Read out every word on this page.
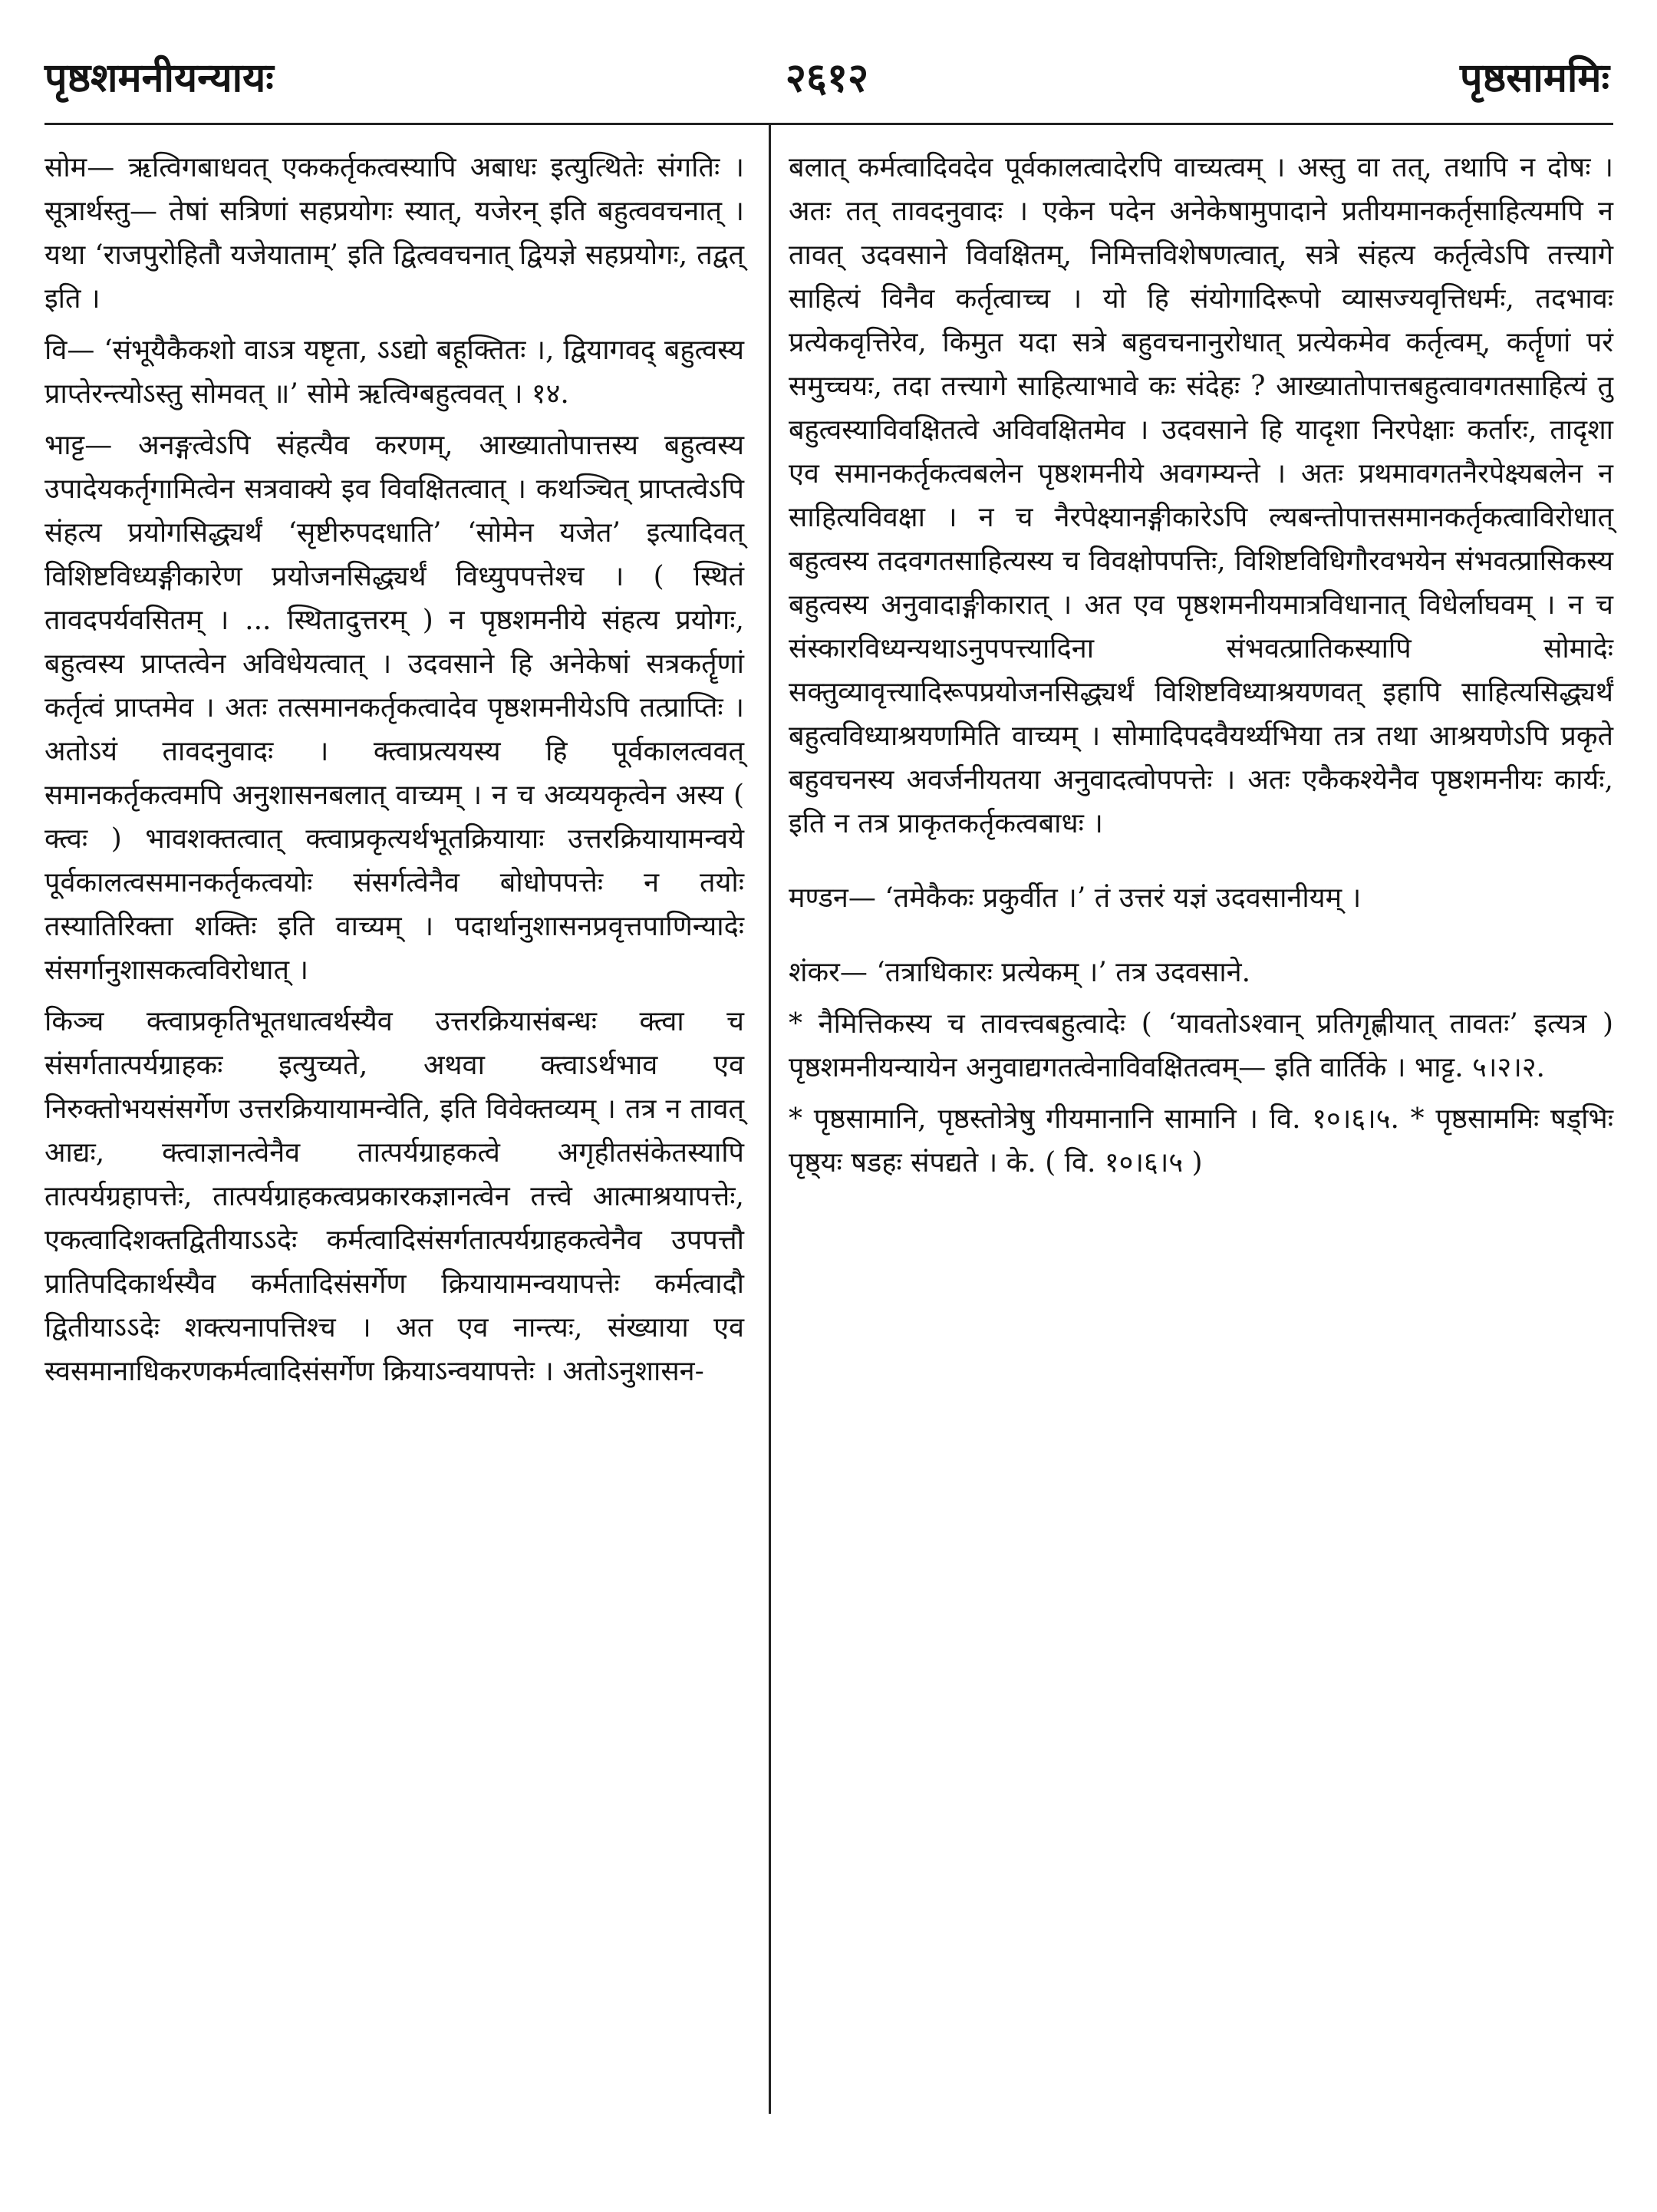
पृष्ठशमनीयन्यायः	२६१२	पृष्ठसाममिः

सोम— ऋत्विगबाधवत् एककर्तृकत्वस्यापि अबाधः इत्युत्थितेः संगतिः । सूत्रार्थस्तु— तेषां सत्रिणां सहप्रयोगः स्यात्, यजेरन् इति बहुत्ववचनात् । यथा ‘राजपुरोहितौ यजेयाताम्’ इति द्वित्ववचनात् द्वियज्ञे सहप्रयोगः, तद्वत् इति ।

वि— ‘संभूयैकैकशो वाऽत्र यष्टृता, ऽऽद्यो बहूक्तितः ।, द्वियागवद् बहुत्वस्य प्राप्तेरन्त्योऽस्तु सोमवत् ॥’ सोमे ऋत्विग्बहुत्ववत् । १४.

भाट्ट— अनङ्गत्वेऽपि संहत्यैव करणम्, आख्यातोपात्तस्य बहुत्वस्य उपादेयकर्तृगामित्वेन सत्रवाक्ये इव विवक्षितत्वात् । कथञ्चित् प्राप्तत्वेऽपि संहत्य प्रयोगसिद्ध्यर्थं ‘सृष्टीरुपदधाति’ ‘सोमेन यजेत’ इत्यादिवत् विशिष्टविध्यङ्गीकारेण प्रयोजनसिद्ध्यर्थं विध्युपपत्तेश्च । ( स्थितं तावदपर्यवसितम् । ... स्थितादुत्तरम् ) न पृष्ठशमनीये संहत्य प्रयोगः, बहुत्वस्य प्राप्तत्वेन अविधेयत्वात् । उदवसाने हि अनेकेषां सत्रकर्तॄणां कर्तृत्वं प्राप्तमेव । अतः तत्समानकर्तृकत्वादेव पृष्ठशमनीयेऽपि तत्प्राप्तिः । अतोऽयं तावदनुवादः । क्त्वाप्रत्ययस्य हि पूर्वकालत्ववत् समानकर्तृकत्वमपि अनुशासनबलात् वाच्यम् । न च अव्ययकृत्वेन अस्य ( क्त्वः ) भावशक्तत्वात् क्त्वाप्रकृत्यर्थभूतक्रियायाः उत्तरक्रियायामन्वये पूर्वकालत्वसमानकर्तृकत्वयोः संसर्गत्वेनैव बोधोपपत्तेः न तयोः तस्यातिरिक्ता शक्तिः इति वाच्यम् । पदार्थानुशासनप्रवृत्तपाणिन्यादेः संसर्गानुशासकत्वविरोधात् ।

किञ्च क्त्वाप्रकृतिभूतधात्वर्थस्यैव उत्तरक्रियासंबन्धः क्त्वा च संसर्गतात्पर्यग्राहकः इत्युच्यते, अथवा क्त्वाऽर्थभाव एव निरुक्तोभयसंसर्गेण उत्तरक्रियायामन्वेति, इति विवेक्तव्यम् । तत्र न तावत् आद्यः, क्त्वाज्ञानत्वेनैव तात्पर्यग्राहकत्वे अगृहीतसंकेतस्यापि तात्पर्यग्रहापत्तेः, तात्पर्यग्राहकत्वप्रकारकज्ञानत्वेन तत्त्वे आत्माश्रयापत्तेः, एकत्वादिशक्तद्वितीयाऽऽदेः कर्मत्वादिसंसर्गतात्पर्यग्राहकत्वेनैव उपपत्तौ प्रातिपदिकार्थस्यैव कर्मतादिसंसर्गेण क्रियायामन्वयापत्तेः कर्मत्वादौ द्वितीयाऽऽदेः शक्त्यनापत्तिश्च । अत एव नान्त्यः, संख्याया एव स्वसमानाधिकरणकर्मत्वादिसंसर्गेण क्रियाऽन्वयापत्तेः । अतोऽनुशासन-

बलात् कर्मत्वादिवदेव पूर्वकालत्वादेरपि वाच्यत्वम् । अस्तु वा तत्, तथापि न दोषः । अतः तत् तावदनुवादः । एकेन पदेन अनेकेषामुपादाने प्रतीयमानकर्तृसाहित्यमपि न तावत् उदवसाने विवक्षितम्, निमित्तविशेषणत्वात्, सत्रे संहत्य कर्तृत्वेऽपि तत्त्यागे साहित्यं विनैव कर्तृत्वाच्च । यो हि संयोगादिरूपो व्यासज्यवृत्तिधर्मः, तदभावः प्रत्येकवृत्तिरेव, किमुत यदा सत्रे बहुवचनानुरोधात् प्रत्येकमेव कर्तृत्वम्, कर्तॄणां परं समुच्चयः, तदा तत्त्यागे साहित्याभावे कः संदेहः ? आख्यातोपात्तबहुत्वावगतसाहित्यं तु बहुत्वस्याविवक्षितत्वे अविवक्षितमेव । उदवसाने हि यादृशा निरपेक्षाः कर्तारः, तादृशा एव समानकर्तृकत्वबलेन पृष्ठशमनीये अवगम्यन्ते । अतः प्रथमावगतनैरपेक्ष्यबलेन न साहित्यविवक्षा । न च नैरपेक्ष्यानङ्गीकारेऽपि ल्यबन्तोपात्तसमानकर्तृकत्वाविरोधात् बहुत्वस्य तदवगतसाहित्यस्य च विवक्षोपपत्तिः, विशिष्टविधिगौरवभयेन संभवत्प्रासिकस्य बहुत्वस्य अनुवादाङ्गीकारात् । अत एव पृष्ठशमनीयमात्रविधानात् विधेर्लाघवम् । न च संस्कारविध्यन्यथाऽनुपपत्त्यादिना संभवत्प्रातिकस्यापि सोमादेः सक्तुव्यावृत्त्यादिरूपप्रयोजनसिद्ध्यर्थं विशिष्टविध्याश्रयणवत् इहापि साहित्यसिद्ध्यर्थं बहुत्वविध्याश्रयणमिति वाच्यम् । सोमादिपदवैयर्थ्यभिया तत्र तथा आश्रयणेऽपि प्रकृते बहुवचनस्य अवर्जनीयतया अनुवादत्वोपपत्तेः । अतः एकैकश्येनैव पृष्ठशमनीयः कार्यः, इति न तत्र प्राकृतकर्तृकत्वबाधः ।

मण्डन— ‘तमेकैकः प्रकुर्वीत ।’ तं उत्तरं यज्ञं उदवसानीयम् ।

शंकर— ‘तत्राधिकारः प्रत्येकम् ।’ तत्र उदवसाने.

* नैमित्तिकस्य च तावत्त्वबहुत्वादेः ( ‘यावतोऽश्वान् प्रतिगृह्णीयात् तावतः’ इत्यत्र ) पृष्ठशमनीयन्यायेन अनुवाद्यगतत्वेनाविवक्षितत्वम्— इति वार्तिके । भाट्ट. ५।२।२.

* पृष्ठसामानि, पृष्ठस्तोत्रेषु गीयमानानि सामानि । वि. १०।६।५. * पृष्ठसाममिः षड्भिः पृष्ठ्यः षडहः संपद्यते । के. ( वि. १०।६।५ )
